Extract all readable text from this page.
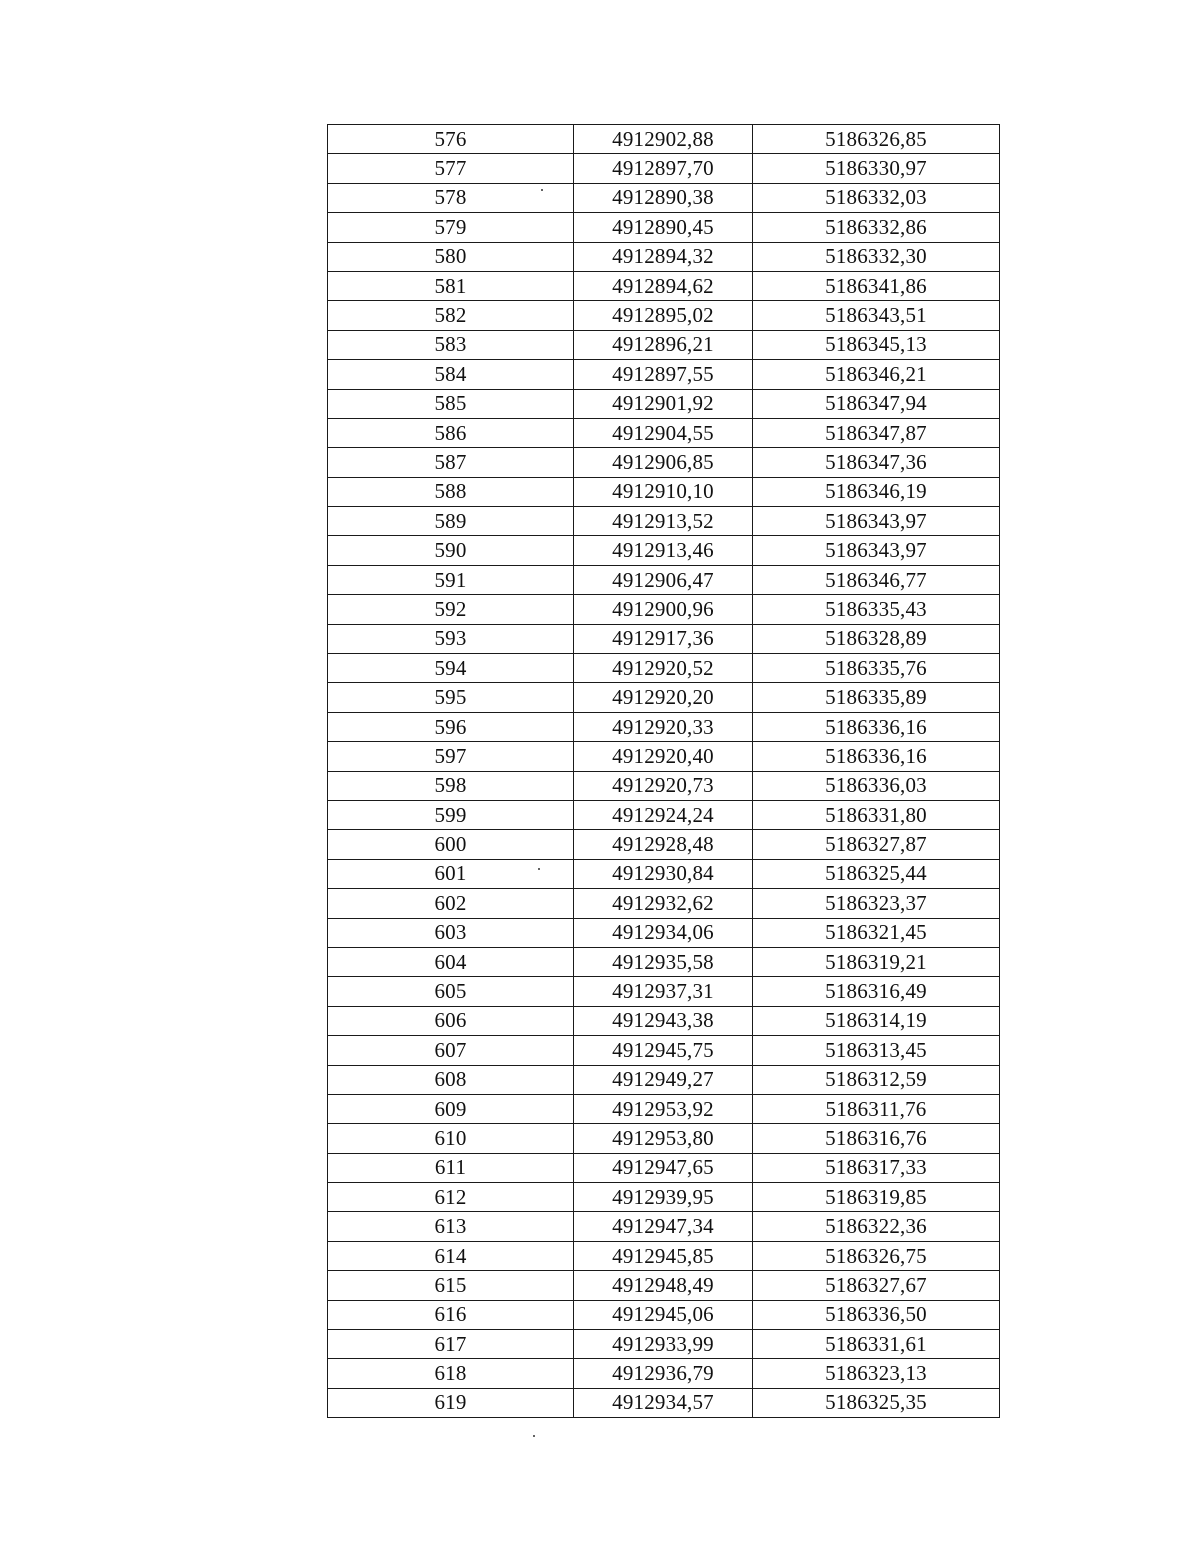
576	4912902,88	5186326,85
577	4912897,70	5186330,97
578	4912890,38	5186332,03
579	4912890,45	5186332,86
580	4912894,32	5186332,30
581	4912894,62	5186341,86
582	4912895,02	5186343,51
583	4912896,21	5186345,13
584	4912897,55	5186346,21
585	4912901,92	5186347,94
586	4912904,55	5186347,87
587	4912906,85	5186347,36
588	4912910,10	5186346,19
589	4912913,52	5186343,97
590	4912913,46	5186343,97
591	4912906,47	5186346,77
592	4912900,96	5186335,43
593	4912917,36	5186328,89
594	4912920,52	5186335,76
595	4912920,20	5186335,89
596	4912920,33	5186336,16
597	4912920,40	5186336,16
598	4912920,73	5186336,03
599	4912924,24	5186331,80
600	4912928,48	5186327,87
601	4912930,84	5186325,44
602	4912932,62	5186323,37
603	4912934,06	5186321,45
604	4912935,58	5186319,21
605	4912937,31	5186316,49
606	4912943,38	5186314,19
607	4912945,75	5186313,45
608	4912949,27	5186312,59
609	4912953,92	5186311,76
610	4912953,80	5186316,76
611	4912947,65	5186317,33
612	4912939,95	5186319,85
613	4912947,34	5186322,36
614	4912945,85	5186326,75
615	4912948,49	5186327,67
616	4912945,06	5186336,50
617	4912933,99	5186331,61
618	4912936,79	5186323,13
619	4912934,57	5186325,35
